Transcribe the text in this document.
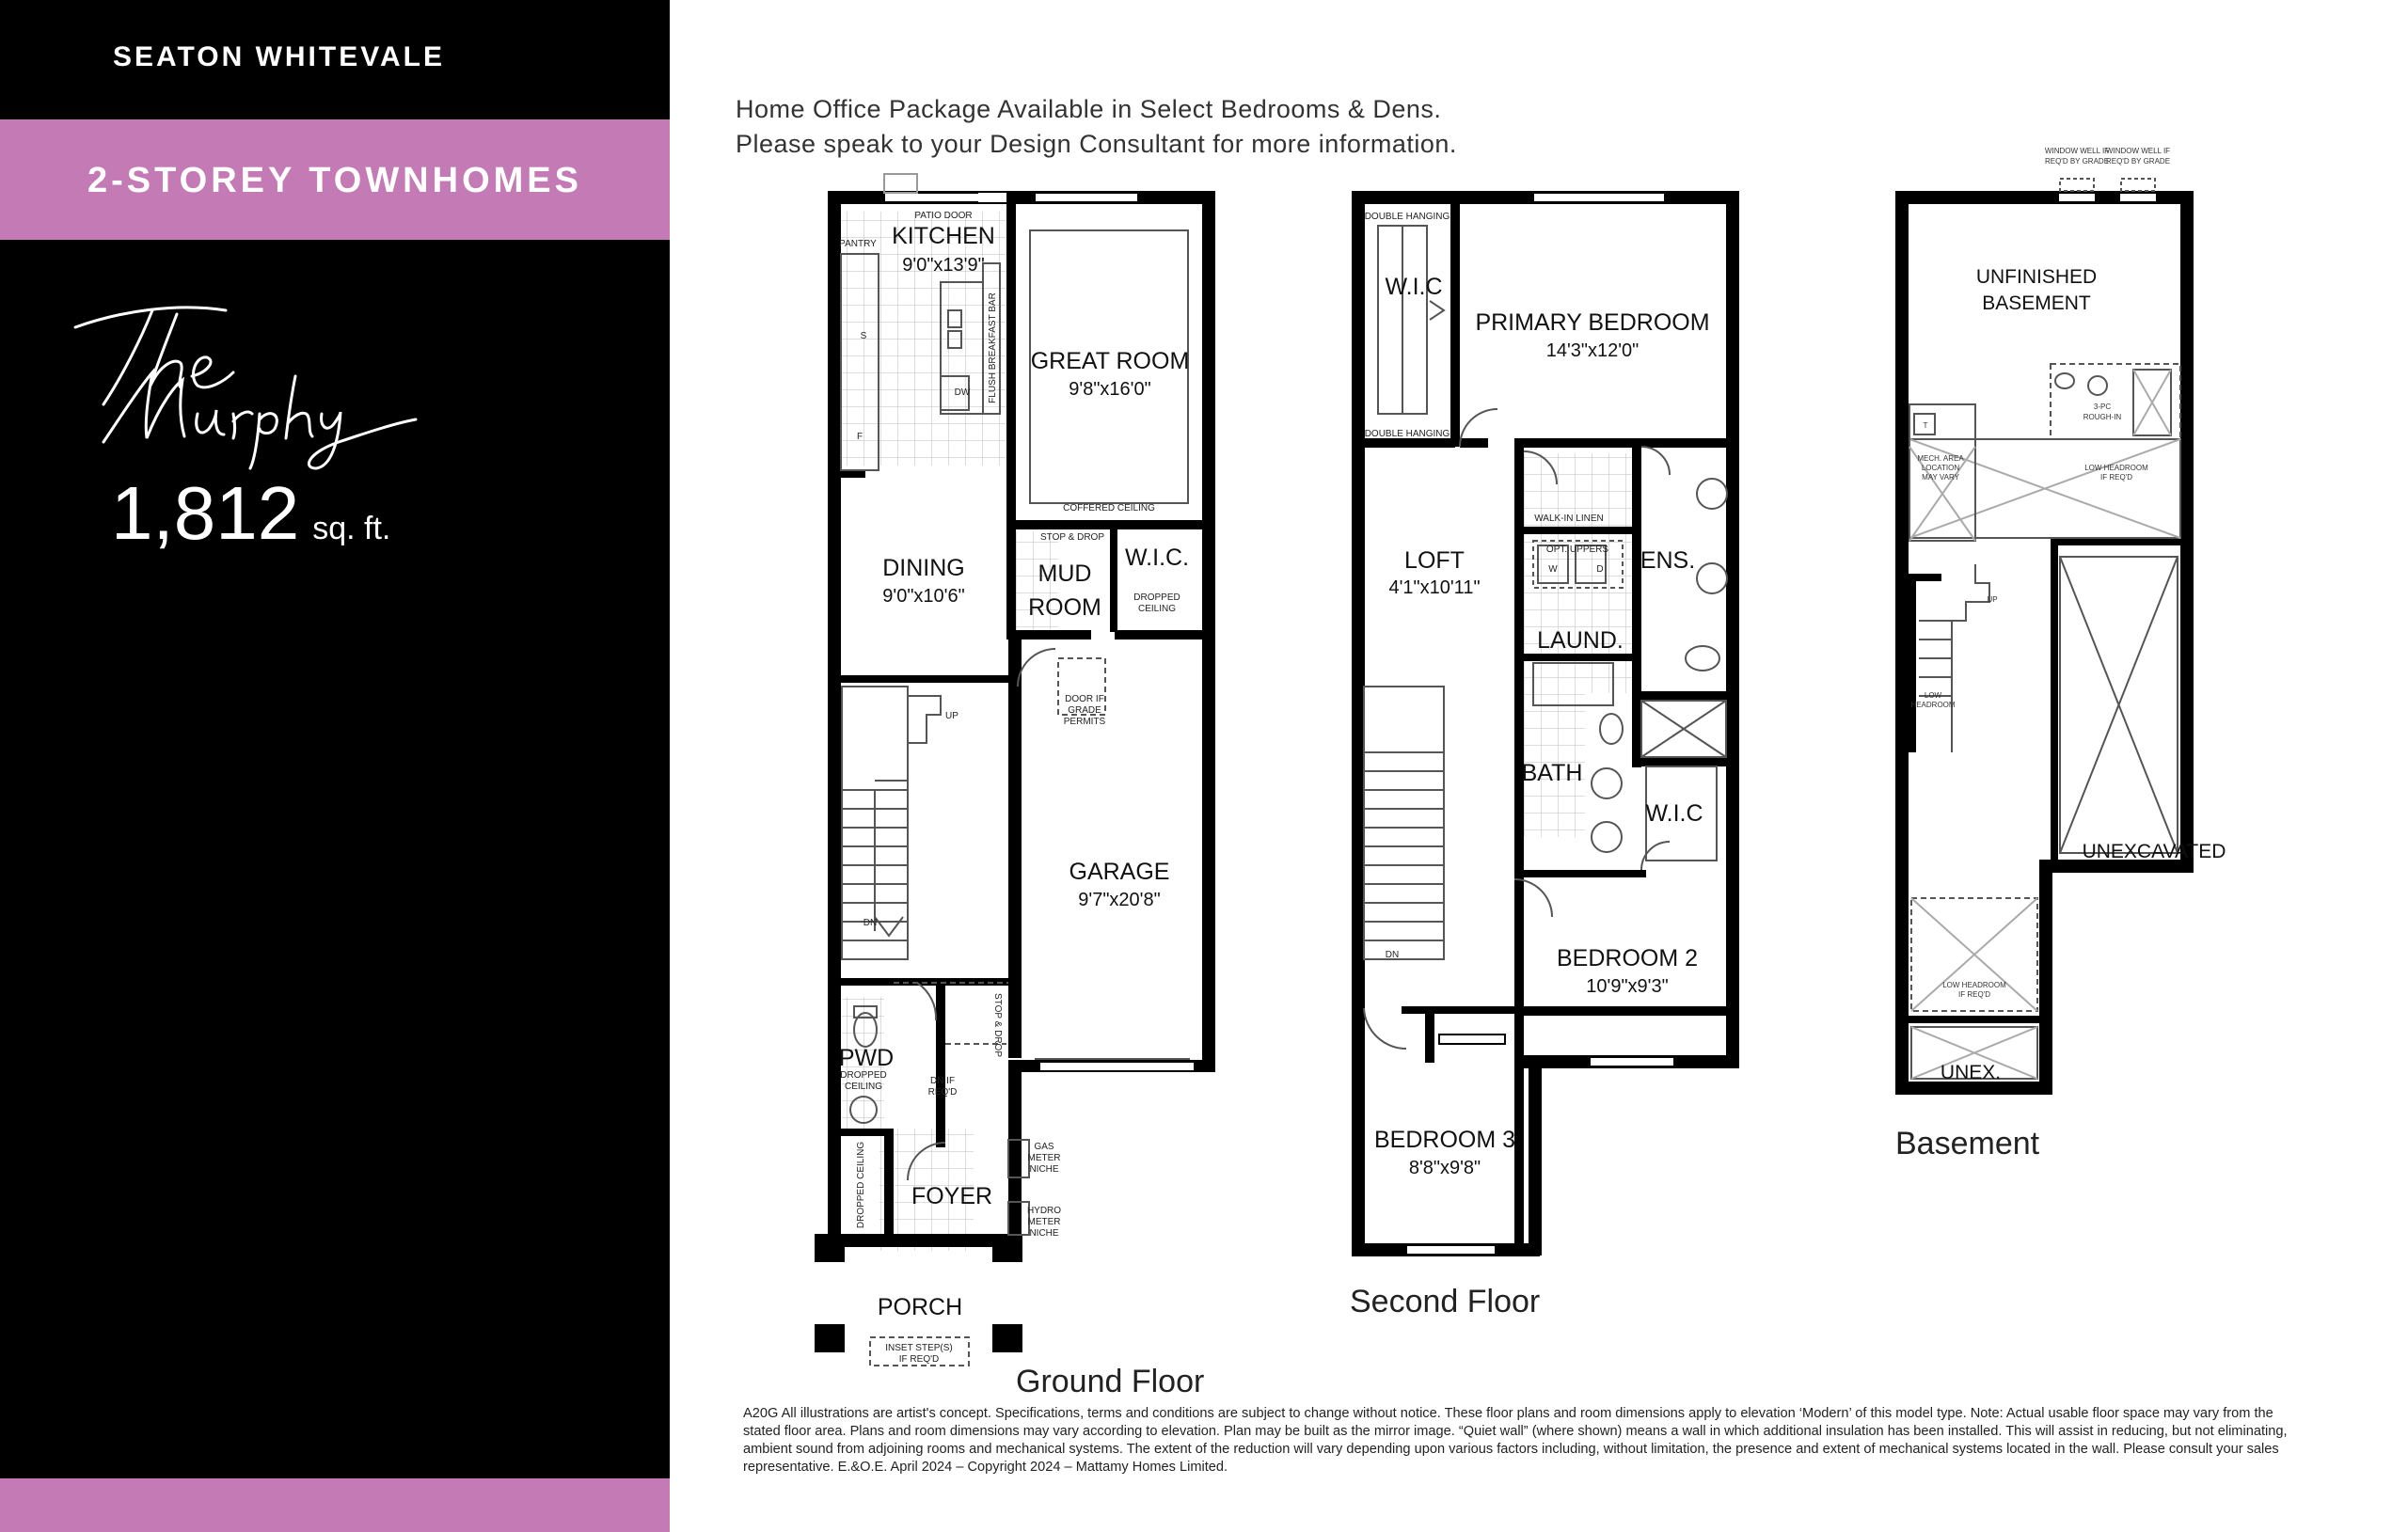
SEATON WHITEVALE
2-STOREY TOWNHOMES
1,812 sq. ft.
Home Office Package Available in Select Bedrooms & Dens.
Please speak to your Design Consultant for more information.
KITCHEN
9'0"x13'9"
GREAT ROOM
9'8"x16'0"
DINING
9'0"x10'6"
MUD
ROOM
W.I.C.
GARAGE
9'7"x20'8"
PWD
FOYER
PORCH
PATIO DOOR
PANTRY
FLUSH BREAKFAST BAR
DW
S
F
COFFERED CEILING
STOP & DROP
DROPPED
CEILING
DOOR IF
GRADE
PERMITS
UP
DN
DROPPED
CEILING
DN IF
REQ'D
STOP & DROP
DROPPED CEILING	GAS
METER
NICHE
HYDRO
METER
NICHE
INSET STEP(S)
IF REQ'D
W.I.C
PRIMARY BEDROOM
14'3"x12'0"
LOFT
4'1"x10'11"
ENS.
LAUND.
BATH
W.I.C
BEDROOM 2
10'9"x9'3"
BEDROOM 3
8'8"x9'8"
DOUBLE HANGING
DOUBLE HANGING
WALK-IN LINEN
OPT. UPPERS
W	D
DN
UNFINISHED
BASEMENT
UNEXCAVATED
UNEX.
WINDOW WELL IF
REQ'D BY GRADE
WINDOW WELL IF
REQ'D BY GRADE
3-PC
ROUGH-IN
T
MECH. AREA
LOCATION
MAY VARY
LOW HEADROOM
IF REQ'D
UP
LOW
HEADROOM
LOW HEADROOM
IF REQ'D
Ground Floor
Second Floor
Basement
A20G All illustrations are artist's concept. Specifications, terms and conditions are subject to change without notice. These floor plans and room dimensions apply to elevation ‘Modern’ of this model type. Note: Actual usable floor space may vary from the stated floor area. Plans and room dimensions may vary according to elevation. Plan may be built as the mirror image. “Quiet wall” (where shown) means a wall in which additional insulation has been installed. This will assist in reducing, but not eliminating, ambient sound from adjoining rooms and mechanical systems. The extent of the reduction will vary depending upon various factors including, without limitation, the presence and extent of mechanical systems located in the wall. Please consult your sales representative. E.&O.E. April 2024 – Copyright 2024 – Mattamy Homes Limited.
